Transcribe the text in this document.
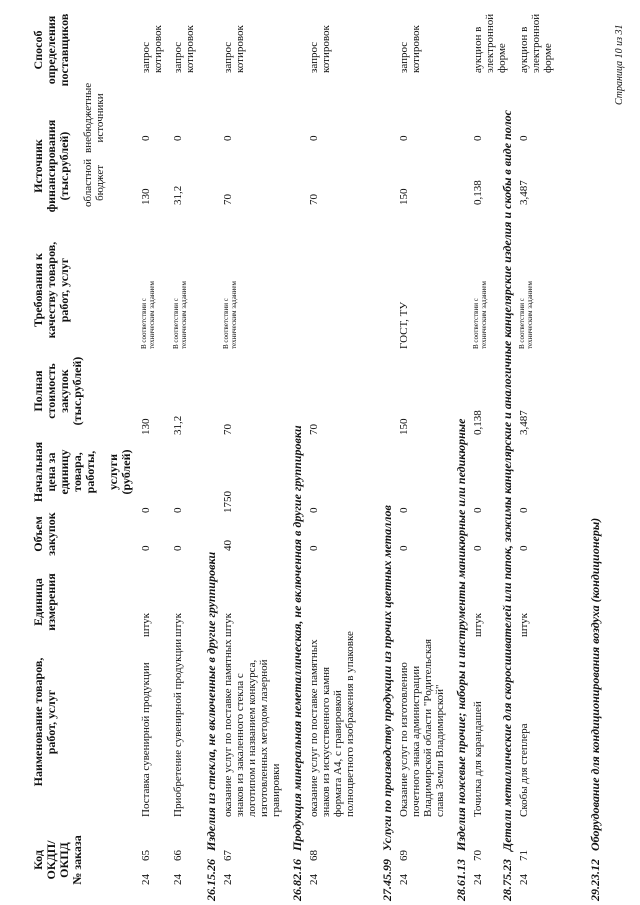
Код ОКДП/ ОКПД № заказа
Наименование товаров, работ, услуг
Единица измерения
Объем закупок
Начальная цена за единицу товара, работы, услуги (рублей)
Полная стоимость закупок (тыс.рублей)
Требования к качеству товаров, работ, услуг
Источник финансирования (тыс.рублей) областной бюджет
внебюджетные источники
Способ определения поставщиков
24
65
Поставка сувенирной продукции
штук
0
0
130
В соответствии с техническим заданием
130
0
запрос котировок
24
66
Приобретение сувенирной продукции
штук
0
0
31,2
В соответствии с техническим заданием
31,2
0
запрос котировок
26.15.26Изделия из стекла, не включенные в другие группировки
24
67
оказание услуг по поставке памятных знаков из закаленного стекла с логотипом и названием конкурса, изготовленных методом лазерной гравировки
штук
40
1750
70
В соответствии с техническим заданием
70
0
запрос котировок
26.82.16Продукция минеральная неметаллическая, не включенная в другие группировки
24
68
оказание услуг по поставке памятных знаков из искусственного камня формата А4, с гравировкой полноцветного изображения в упаковке
0
0
70
70
0
запрос котировок
27.45.99Услуги по производству продукции из прочих цветных металлов
24
69
Оказание услуг по изготовлению почетного знака администрации Владимирской области "Родительская слава Земли Владимирской"
0
0
150
ГОСТ, ТУ
150
0
запрос котировок
28.61.13Изделия ножевые прочие; наборы и инструменты маникюрные или педикюрные
24
70
Точилка для карандашей
штук
0
0
0,138
В соответствии с техническим заданием
0,138
0
аукцион в электронной форме
28.75.23Детали металлические для скоросшивателей или папок, зажимы канцелярские и аналогичные канцелярские изделия и скобы в виде полос
24
71
Скобы для степлера
штук
0
0
3,487
В соответствии с техническим заданием
3,487
0
аукцион в электронной форме
29.23.12Оборудование для кондиционирования воздуха (кондиционеры)
Страница 10 из 31
